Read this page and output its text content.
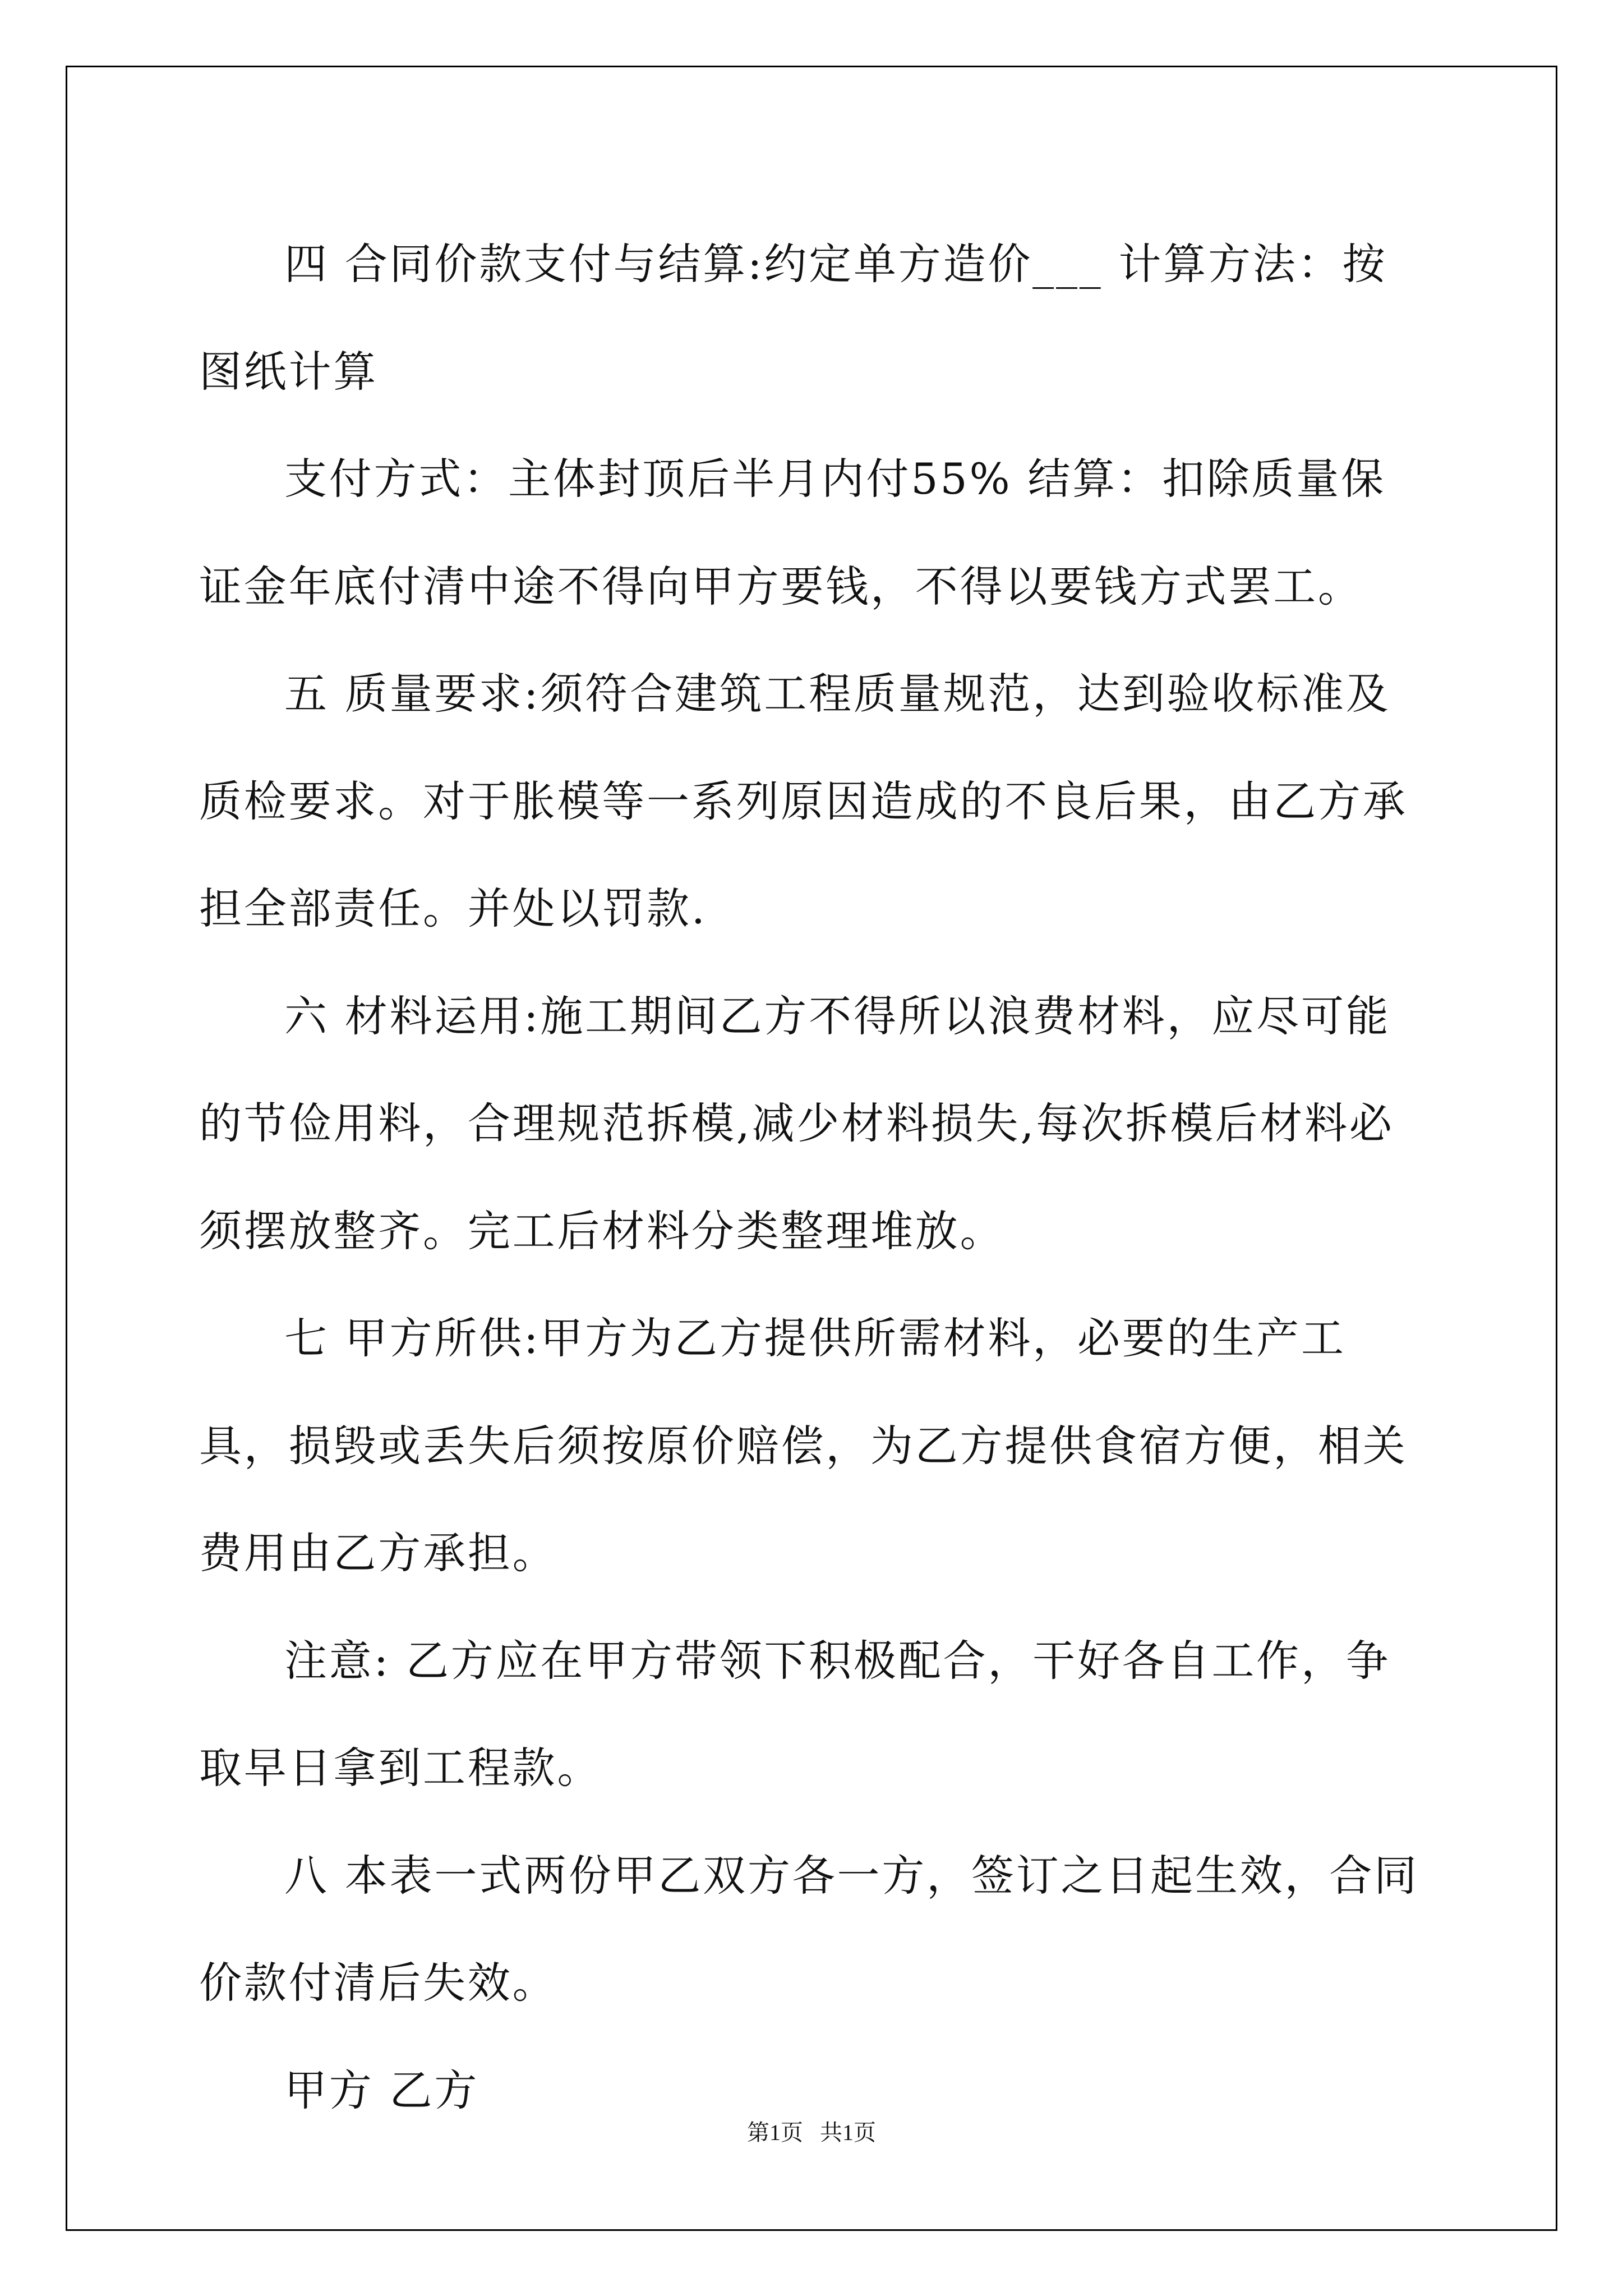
四 合同价款支付与结算:约定单方造价___ 计算方法：按图纸计算

支付方式：主体封顶后半月内付55% 结算：扣除质量保证金年底付清中途不得向甲方要钱，不得以要钱方式罢工。

五 质量要求:须符合建筑工程质量规范，达到验收标准及质检要求。对于胀模等一系列原因造成的不良后果，由乙方承担全部责任。并处以罚款.

六 材料运用:施工期间乙方不得所以浪费材料，应尽可能的节俭用料，合理规范拆模,减少材料损失,每次拆模后材料必须摆放整齐。完工后材料分类整理堆放。

七 甲方所供:甲方为乙方提供所需材料，必要的生产工具，损毁或丢失后须按原价赔偿，为乙方提供食宿方便，相关费用由乙方承担。

注意: 乙方应在甲方带领下积极配合，干好各自工作，争取早日拿到工程款。

八 本表一式两份甲乙双方各一方，签订之日起生效，合同价款付清后失效。

甲方 乙方

第1页 共1页
